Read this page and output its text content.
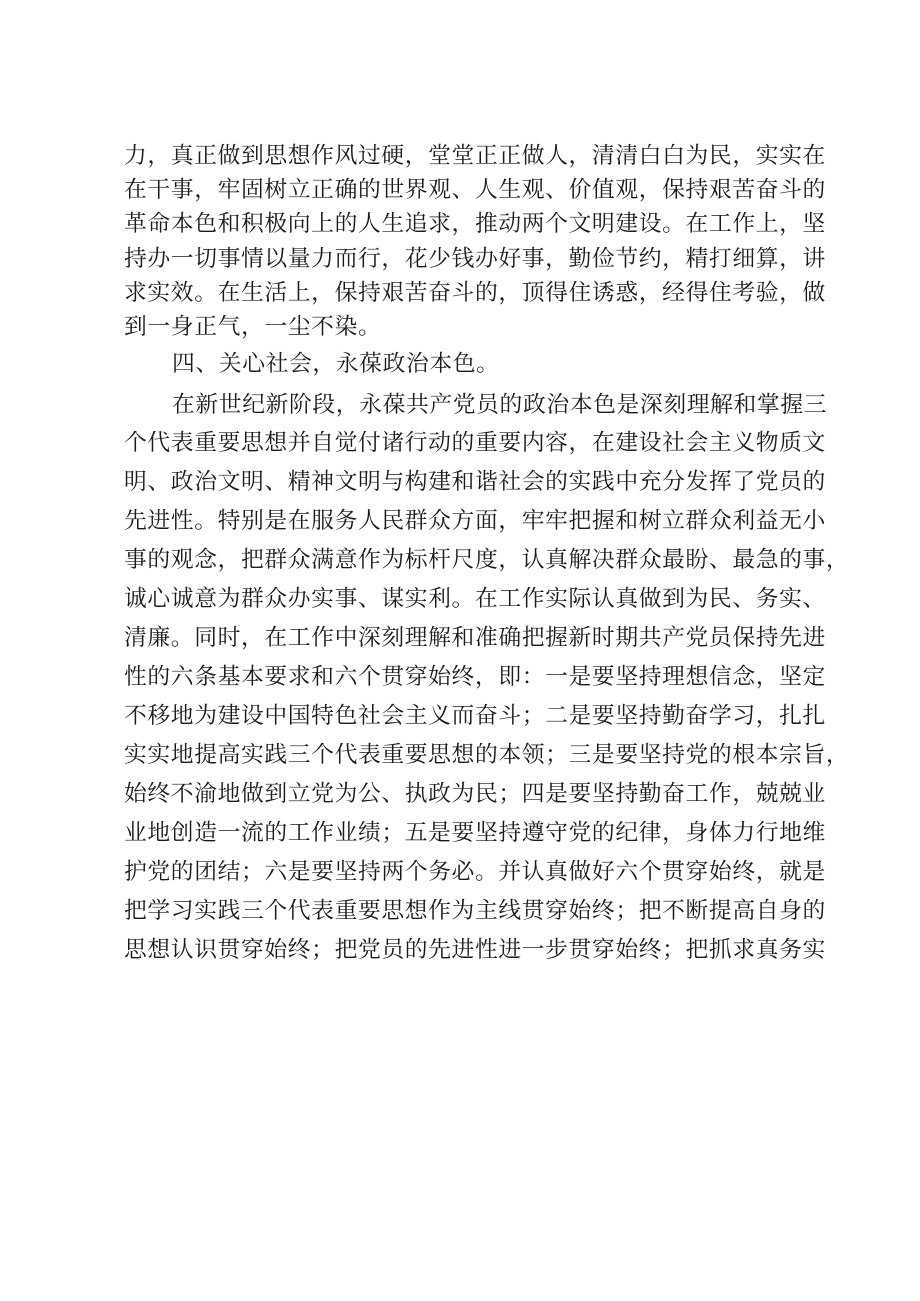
力，真正做到思想作风过硬，堂堂正正做人，清清白白为民，实实在
在干事，牢固树立正确的世界观、人生观、价值观，保持艰苦奋斗的
革命本色和积极向上的人生追求，推动两个文明建设。在工作上，坚
持办一切事情以量力而行，花少钱办好事，勤俭节约，精打细算，讲
求实效。在生活上，保持艰苦奋斗的，顶得住诱惑，经得住考验，做
到一身正气，一尘不染。
四、关心社会，永葆政治本色。
在新世纪新阶段，永葆共产党员的政治本色是深刻理解和掌握三
个代表重要思想并自觉付诸行动的重要内容，在建设社会主义物质文
明、政治文明、精神文明与构建和谐社会的实践中充分发挥了党员的
先进性。特别是在服务人民群众方面，牢牢把握和树立群众利益无小
事的观念，把群众满意作为标杆尺度，认真解决群众最盼、最急的事，
诚心诚意为群众办实事、谋实利。在工作实际认真做到为民、务实、
清廉。同时，在工作中深刻理解和准确把握新时期共产党员保持先进
性的六条基本要求和六个贯穿始终，即：一是要坚持理想信念，坚定
不移地为建设中国特色社会主义而奋斗；二是要坚持勤奋学习，扎扎
实实地提高实践三个代表重要思想的本领；三是要坚持党的根本宗旨，
始终不渝地做到立党为公、执政为民；四是要坚持勤奋工作，兢兢业
业地创造一流的工作业绩；五是要坚持遵守党的纪律，身体力行地维
护党的团结；六是要坚持两个务必。并认真做好六个贯穿始终，就是
把学习实践三个代表重要思想作为主线贯穿始终；把不断提高自身的
思想认识贯穿始终；把党员的先进性进一步贯穿始终；把抓求真务实
